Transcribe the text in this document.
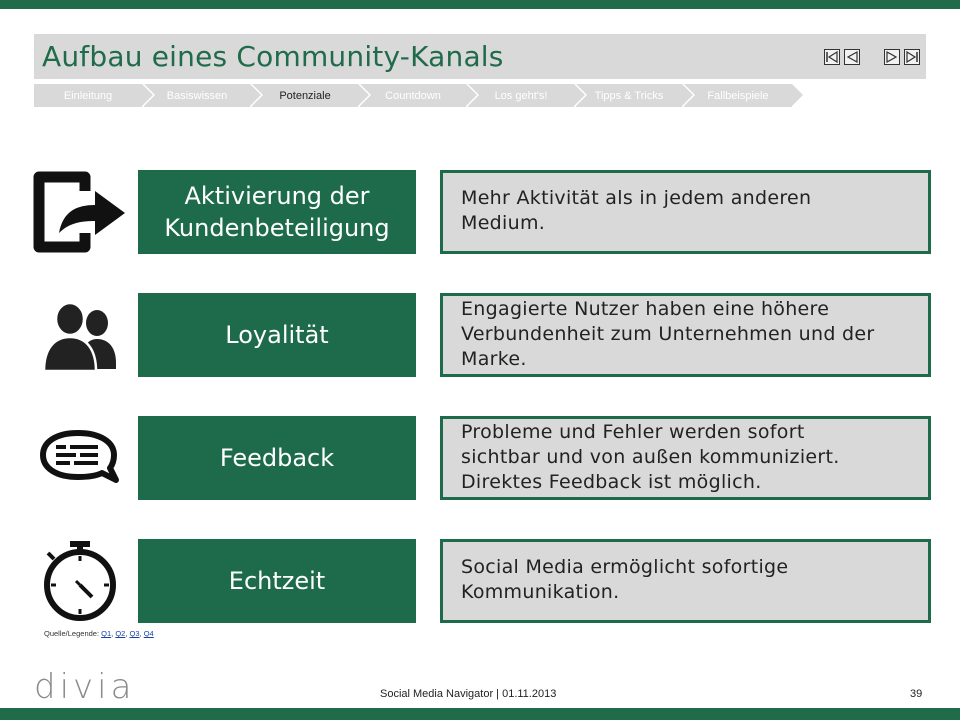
Aufbau eines Community-Kanals
Einleitung	Basiswissen	Potenziale	Countdown	Los geht's!	Tipps & Tricks	Fallbeispiele
Aktivierung der
Kundenbeteiligung
Mehr Aktivität als in jedem anderen
Medium.
Loyalität
Engagierte Nutzer haben eine höhere
Verbundenheit zum Unternehmen und der
Marke.
Feedback
Probleme und Fehler werden sofort
sichtbar und von außen kommuniziert.
Direktes Feedback ist möglich.
Echtzeit	Social Media ermöglicht sofortige
Kommunikation.
Quelle/Legende: Q1, Q2, Q3, Q4
divia	Social Media Navigator | 01.11.2013	39
